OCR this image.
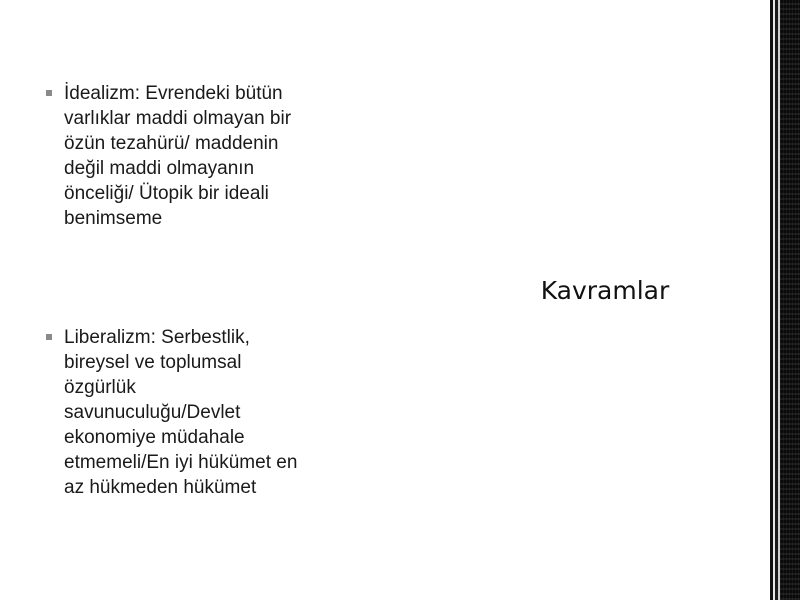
İdealizm: Evrendeki bütün
varlıklar maddi olmayan bir
özün tezahürü/ maddenin
değil maddi olmayanın
önceliği/ Ütopik bir ideali
benimseme
Kavramlar
Liberalizm: Serbestlik,
bireysel ve toplumsal
özgürlük
savunuculuğu/Devlet
ekonomiye müdahale
etmemeli/En iyi hükümet en
az hükmeden hükümet
